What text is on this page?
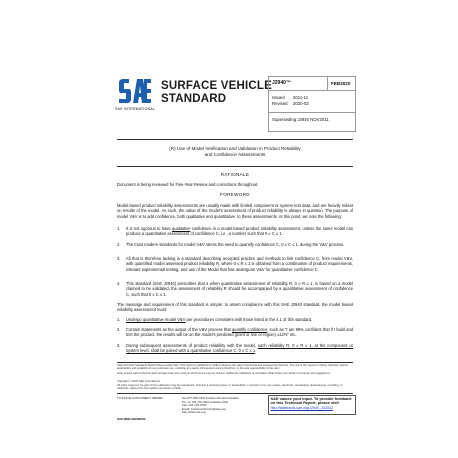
SAE INTERNATIONAL
SURFACE VEHICLE
STANDARD
J2940™	FEB2020
Issued 2011-11
Revised 2020-02
Superseding J2940 NOV2011
(R) Use of Model Verification and Validation in Product Reliability
and Confidence Assessments
RATIONALE
Document is being reviewed for Five-Year Review and corrections throughout.
FOREWORD
Model-based product reliability assessments are usually made with limited component or system test data, and are heavily reliant on results of the model. As such, the value of the model's assessment of product reliability is always in question. The purpose of model V&V is to add confidence, both qualitative and quantitative, to these assessments. At this point, we note the following:
1. It is not rigorous to have qualitative confidence in a model-based product reliability assessment, unless the same model can produce a quantitative assessment of confidence C, i.e., a number such that 0 ≤ C ≤ 1.
2. The most modern standards for model V&V stress the need to quantify confidence C, 0 ≤ C ≤ 1, during the V&V process.
3. All that is therefore lacking is a standard describing accepted practice and methods to link confidence C, from model V&V, with quantified model assessed product reliability R, where 0 ≤ R ≤ 1 is obtained from a combination of product requirements, relevant experimental testing, and use of the Model that has undergone V&V for quantitative confidence C.
4. This standard (SAE J2940) prescribes that a when quantitative assessment of reliability R, 0 ≤ R ≤ 1, is based on a model claimed to be validated, the assessment of reliability R should be accompanied by a quantitative assessment of confidence C, such that 0 ≤ C ≤ 1.
The message and requirement of this standard is simple: to assert compliance with this SAE J2940 standard, the model based reliability assessment must:
1. Undergo quantitative model V&V per procedures consistent with those listed in the 4.1 of this standard.
2. Contain statements as the output of the V&V process that quantify confidence, such as "I am 90% confident that if I build and test the product, the results will be on the model's predicted (point or line or region) ±12%" etc.
3. During subsequent assessments of product reliability with the model, each reliability R, 0 ≤ R ≤ 1, at the component or system level, shall be paired with a quantitative confidence C, 0 ≤ C ≤ 1.
SAE Technical Standards Board Rules provide that: "This report is published by SAE to advance the state of technical and engineering sciences. The use of this report is entirely voluntary, and its applicability and suitability for any particular use, including any patent infringement arising therefrom, is the sole responsibility of the user."
SAE reviews each technical report at least every five years at which time it may be revised, reaffirmed, stabilized, or cancelled. SAE invites your written comments and suggestions.
Copyright © 2020 SAE International
All rights reserved. No part of this publication may be reproduced, stored in a retrieval system or transmitted, in any form or by any means, electronic, mechanical, photocopying, recording, or otherwise, without the prior written permission of SAE.
TO PLACE A DOCUMENT ORDER:	Tel: 877-606-7323 (inside USA and Canada)
Tel: +1 724-776-4970 (outside USA)
Fax: 724-776-0790
Email: CustomerService@sae.org
http://www.sae.org
SAE values your input. To provide feedback on this Technical Report, please visit
http://standards.sae.org/J2940_202002
SAE WEB ADDRESS:
